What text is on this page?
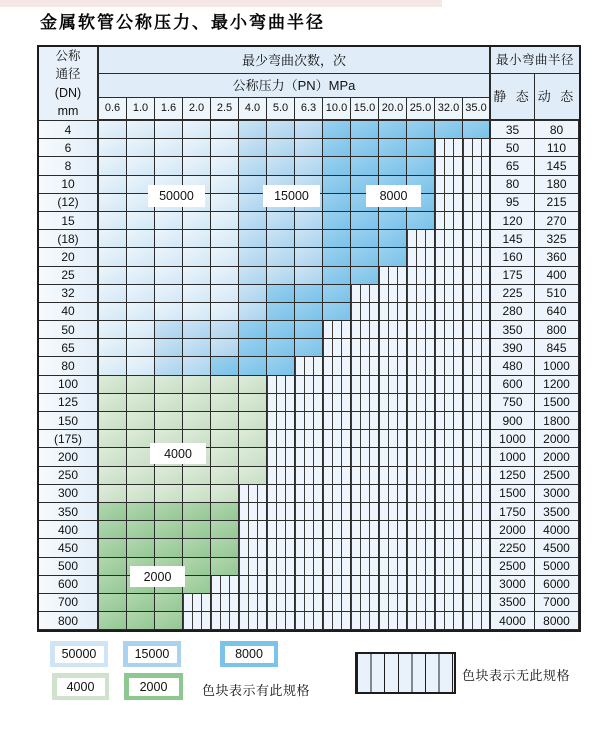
金属软管公称压力、最小弯曲半径
公称
通径
(DN)
mm
最少弯曲次数，次	最小弯曲半径
公称压力（PN）MPa
静 态 动 态
0.6	1.0	1.6	2.0	2.5	4.0	5.0	6.3 10.0 15.0 20.0 25.0 32.0 35.0
4	35	80
6	50	110
8	65	145
10	80	180
(12)	95	215
15	120	270
(18)	145	325
20	160	360
25	175	400
32	225	510
40	280	640
50	350	800
65	390	845
80	480	1000
100	600	1200
125	750	1500
150	900	1800
(175)	1000	2000
200	1000	2000
250	1250	2500
300	1500	3000
350	1750	3500
400	2000	4000
450	2250	4500
500	2500	5000
600	3000	6000
700	3500	7000
800	4000	8000
50000	15000	8000
4000
2000
50000	15000	8000
4000	2000	色块表示有此规格
色块表示无此规格
